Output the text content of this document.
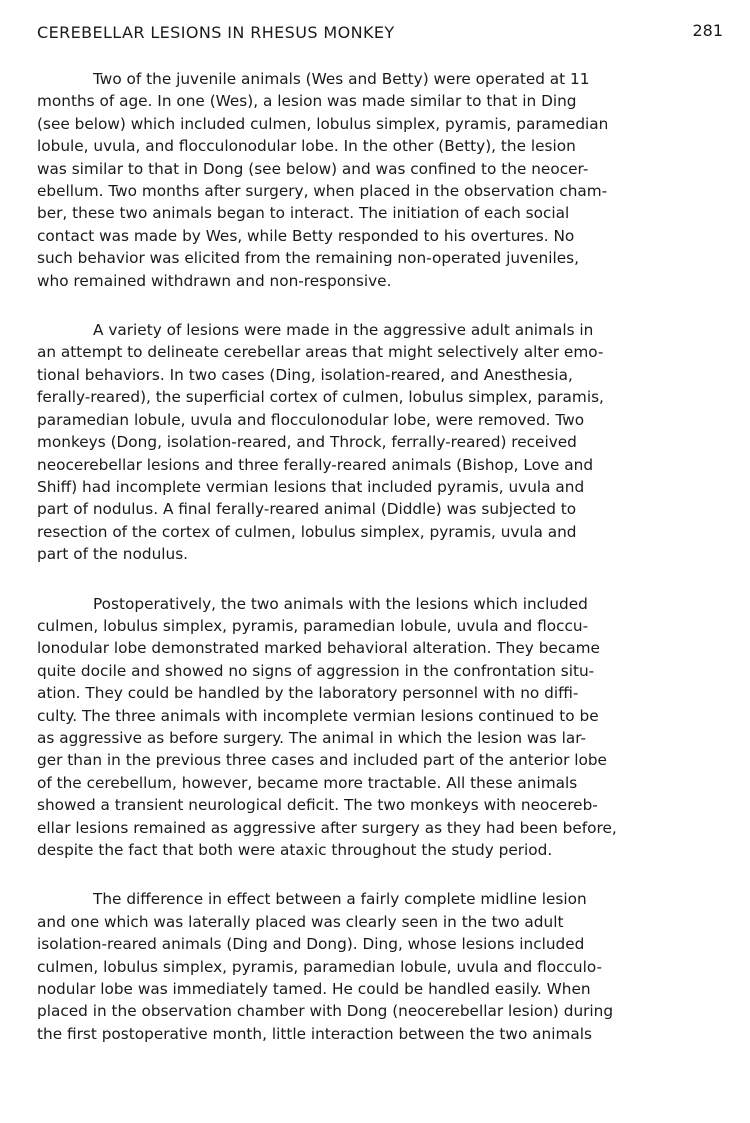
CEREBELLAR LESIONS IN RHESUS MONKEY	281

Two of the juvenile animals (Wes and Betty) were operated at 11
months of age. In one (Wes), a lesion was made similar to that in Ding
(see below) which included culmen, lobulus simplex, pyramis, paramedian
lobule, uvula, and flocculonodular lobe. In the other (Betty), the lesion
was similar to that in Dong (see below) and was confined to the neocer-
ebellum. Two months after surgery, when placed in the observation cham-
ber, these two animals began to interact. The initiation of each social
contact was made by Wes, while Betty responded to his overtures. No
such behavior was elicited from the remaining non-operated juveniles,
who remained withdrawn and non-responsive.

A variety of lesions were made in the aggressive adult animals in
an attempt to delineate cerebellar areas that might selectively alter emo-
tional behaviors. In two cases (Ding, isolation-reared, and Anesthesia,
ferally-reared), the superficial cortex of culmen, lobulus simplex, paramis,
paramedian lobule, uvula and flocculonodular lobe, were removed. Two
monkeys (Dong, isolation-reared, and Throck, ferrally-reared) received
neocerebellar lesions and three ferally-reared animals (Bishop, Love and
Shiff) had incomplete vermian lesions that included pyramis, uvula and
part of nodulus. A final ferally-reared animal (Diddle) was subjected to
resection of the cortex of culmen, lobulus simplex, pyramis, uvula and
part of the nodulus.

Postoperatively, the two animals with the lesions which included
culmen, lobulus simplex, pyramis, paramedian lobule, uvula and floccu-
lonodular lobe demonstrated marked behavioral alteration. They became
quite docile and showed no signs of aggression in the confrontation situ-
ation. They could be handled by the laboratory personnel with no diffi-
culty. The three animals with incomplete vermian lesions continued to be
as aggressive as before surgery. The animal in which the lesion was lar-
ger than in the previous three cases and included part of the anterior lobe
of the cerebellum, however, became more tractable. All these animals
showed a transient neurological deficit. The two monkeys with neocereb-
ellar lesions remained as aggressive after surgery as they had been before,
despite the fact that both were ataxic throughout the study period.

The difference in effect between a fairly complete midline lesion
and one which was laterally placed was clearly seen in the two adult
isolation-reared animals (Ding and Dong). Ding, whose lesions included
culmen, lobulus simplex, pyramis, paramedian lobule, uvula and flocculo-
nodular lobe was immediately tamed. He could be handled easily. When
placed in the observation chamber with Dong (neocerebellar lesion) during
the first postoperative month, little interaction between the two animals
